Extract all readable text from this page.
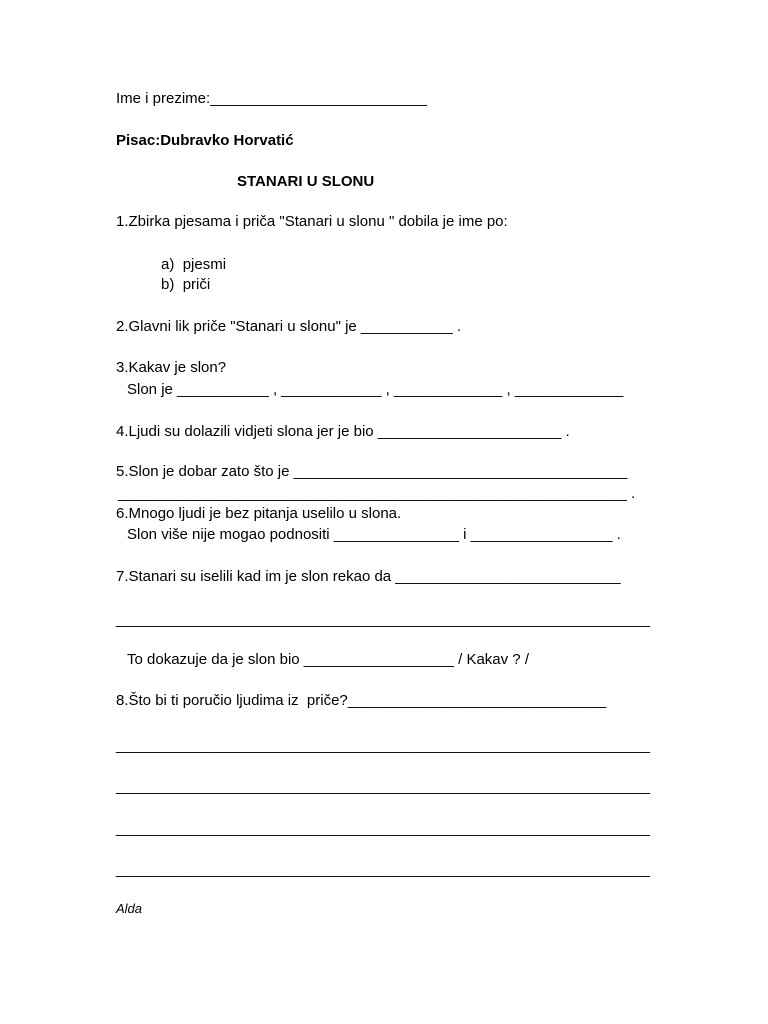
Ime i prezime:__________________________
Pisac:Dubravko Horvatić
STANARI U SLONU
1.Zbirka pjesama i priča "Stanari u slonu " dobila je ime po:
a) pjesmi
b) priči
2.Glavni lik priče "Stanari u slonu" je ___________ .
3.Kakav je slon?
Slon je ___________ , ____________ , _____________ , _____________
4.Ljudi su dolazili vidjeti slona jer je bio ______________________ .
5.Slon je dobar zato što je ________________________________________
_____________________________________________________________ .
6.Mnogo ljudi je bez pitanja uselilo u slona.
Slon više nije mogao podnositi _______________ i _________________ .
7.Stanari su iselili kad im je slon rekao da ___________________________
________________________________________________________________
To dokazuje da je slon bio __________________ / Kakav ? /
8.Što bi ti poručio ljudima iz  priče?_______________________________
________________________________________________________________
________________________________________________________________
________________________________________________________________
________________________________________________________________
Alda
